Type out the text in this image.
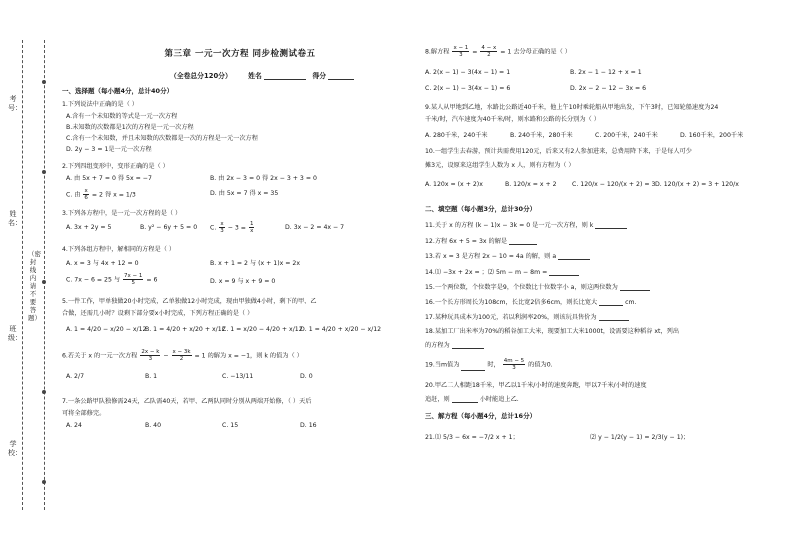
考号：
姓名：
班级：
学校：
（密 封 线 内 请 不 要 答 题）
第三章 一元一次方程 同步检测试卷五
（全卷总分120分） 姓名	得分
一、选择题（每小题4分，总计40分）
1.下列说法中正确的是（ ）
A.含有一个未知数的等式是一元一次方程
B.未知数的次数都是1次的方程是一元一次方程
C.含有一个未知数，并且未知数的次数都是一次的方程是一元一次方程
D. 2y − 3 = 1是一元一次方程
2.下列四组变形中，变形正确的是（ ）
A. 由 5x + 7 = 0 得 5x = −7	B. 由 2x − 3 = 0 得 2x − 3 + 3 = 0
C. 由 $\frac{x}{6} = 2$ 得 x = 1/3	D. 由 5x = 7 得 x = 35
3.下列各方程中，是一元一次方程的是（ ）
A. 3x + 2y = 5	B. y² − 6y + 5 = 0 C. $\frac{x}{3} - 3 = \frac{1}{x}$	D. 3x − 2 = 4x − 7
4.下列各组方程中，解相同的方程是（ ）
A. x = 3 与 4x + 12 = 0	B. x + 1 = 2 与 (x + 1)x = 2x
C. 7x − 6 = 25 与 $\frac{7x - 1}{5} = 6$	D. x = 9 与 x + 9 = 0
5.一件工作，甲单独做20小时完成，乙单独做12小时完成，现由甲独做4小时，剩下的甲、乙
合做，还需几小时？设剩下部分要x小时完成，下列方程正确的是（ ）
A. 1 = 4/20 − x/20 − x/12
B. 1 = 4/20 + x/20 + x/12
C. 1 = x/20 − 4/20 + x/12
D. 1 = 4/20 + x/20 − x/12
6.若关于 x 的一元一次方程 $\frac{2x - k}{3} - \frac{x - 3k}{2} = 1$ 的解为 x = −1，则 k 的值为（ ）
A. 2/7	B. 1	C. −13/11	D. 0
7.一条公路甲队独修需24天，乙队需40天，若甲、乙两队同时分别从两端开始修，（ ）天后
可将全部修完。
A. 24	B. 40	C. 15	D. 16
8.解方程 $\frac{x - 1}{3} = \frac{4 - x}{2} = 1$ 去分母正确的是（ ）
A. 2(x − 1) − 3(4x − 1) = 1	B. 2x − 1 − 12 + x = 1
C. 2(x − 1) − 3(4x − 1) = 6	D. 2x − 2 − 12 − 3x = 6
9.某人从甲地到乙地，水路比公路近40千米，他上午10时乘轮船从甲地出发，下午3时，已知轮船速度为24
千米/时，汽车速度为40千米/时，则水路和公路的长分别为（ ）
A. 280千米，240千米	B. 240千米，280千米	C. 200千米，240千米	D. 160千米，200千米
10.一组学生去春游，预计共需费用120元，后来又有2人参加进来，总费用降下来，于是每人可少
摊3元，设原来这组学生人数为 x 人，则有方程为（ ）
A. 120x = (x + 2)x	B. 120/x = x + 2 C. 120/x − 120/(x + 2) = 3 D. 120/(x + 2) = 3 + 120/x
二、填空题（每小题3分，总计30分）
11.关于 x 的方程 (k − 1)x − 3k = 0 是一元一次方程，则 k
12.方程 6x + 5 = 3x 的解是
13.若 x = 3 是方程 2x − 10 = 4a 的解，则 a
14.⑴ −3x + 2x = ；⑵ 5m − m − 8m =
15.一个两位数，个位数字是9，个位数比十位数字小 a，则这两位数为
16.一个长方形周长为108cm，长比宽2倍多6cm，则长比宽大	cm.
17.某种玩具成本为100元，若以利润率20%，则该玩具售价为
18.某加工厂出米率为70%的稻谷加工大米，现要加工大米1000t，设需要这种稻谷 xt，列出
的方程为
19.当m值为	时， $\frac{4m - 5}{3}$ 的值为0.
20.甲乙二人相距18千米，甲乙以1千米/小时的速度奔跑，甲以7千米/小时的速度
追赶，则	小时能追上乙.
三、解方程（每小题4分，总计16分）
21.⑴ 5/3 − 6x = −7/2 x + 1；	⑵ y − 1/2(y − 1) = 2/3(y − 1)；
